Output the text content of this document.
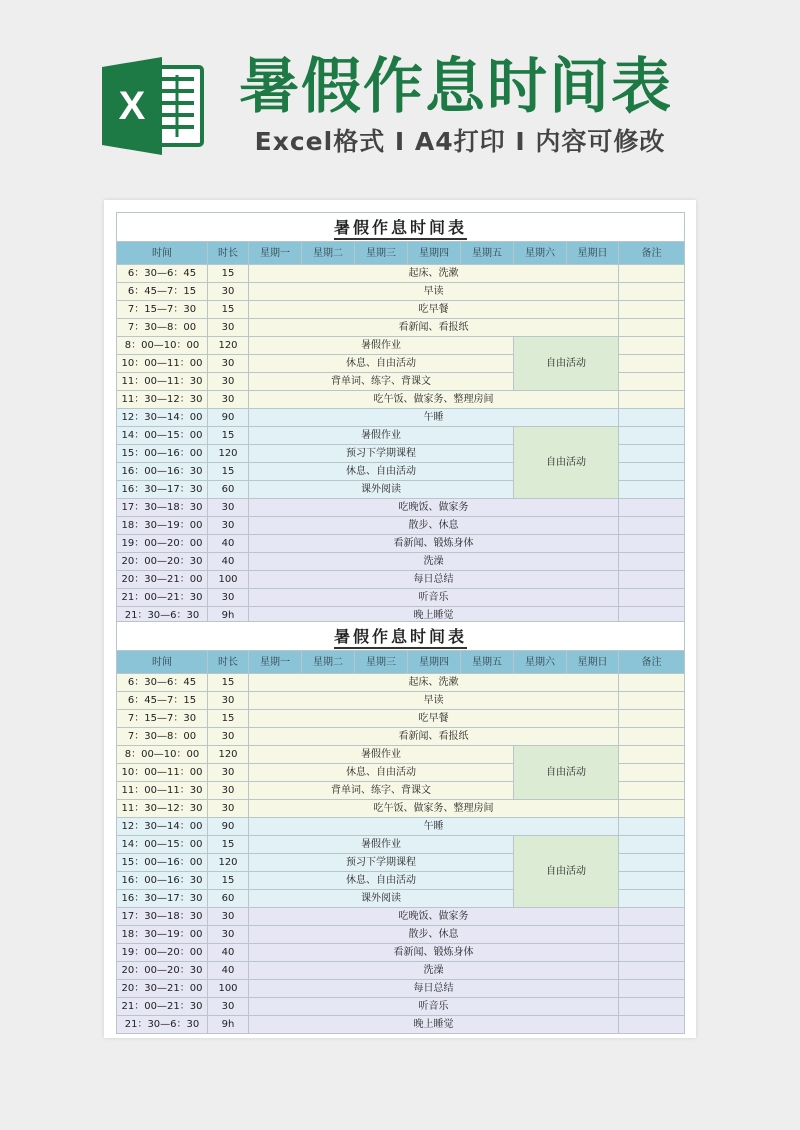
X 暑假作息时间表
Excel格式 Ⅰ A4打印 Ⅰ 内容可修改
暑假作息时间表									
时间	时长	星期一	星期二	星期三	星期四	星期五	星期六	星期日	备注
6：30—6：45	15	起床、洗漱							
6：45—7：15	30	早读							
7：15—7：30	15	吃早餐							
7：30—8：00	30	看新闻、看报纸							
8：00—10：00	120	暑假作业					自由活动		
10：00—11：00	30	休息、自由活动							
11：00—11：30	30	背单词、练字、背课文							
11：30—12：30	30	吃午饭、做家务、整理房间							
12：30—14：00	90	午睡							
14：00—15：00	15	暑假作业					自由活动		
15：00—16：00	120	预习下学期课程							
16：00—16：30	15	休息、自由活动							
16：30—17：30	60	课外阅读							
17：30—18：30	30	吃晚饭、做家务							
18：30—19：00	30	散步、休息							
19：00—20：00	40	看新闻、锻炼身体							
20：00—20：30	40	洗澡							
20：30—21：00	100	每日总结							
21：00—21：30	30	听音乐							
21：30—6：30	9h	晚上睡觉							
暑假作息时间表									
时间	时长	星期一	星期二	星期三	星期四	星期五	星期六	星期日	备注
6：30—6：45	15	起床、洗漱							
6：45—7：15	30	早读							
7：15—7：30	15	吃早餐							
7：30—8：00	30	看新闻、看报纸							
8：00—10：00	120	暑假作业					自由活动		
10：00—11：00	30	休息、自由活动							
11：00—11：30	30	背单词、练字、背课文							
11：30—12：30	30	吃午饭、做家务、整理房间							
12：30—14：00	90	午睡							
14：00—15：00	15	暑假作业					自由活动		
15：00—16：00	120	预习下学期课程							
16：00—16：30	15	休息、自由活动							
16：30—17：30	60	课外阅读							
17：30—18：30	30	吃晚饭、做家务							
18：30—19：00	30	散步、休息							
19：00—20：00	40	看新闻、锻炼身体							
20：00—20：30	40	洗澡							
20：30—21：00	100	每日总结							
21：00—21：30	30	听音乐							
21：30—6：30	9h	晚上睡觉							
